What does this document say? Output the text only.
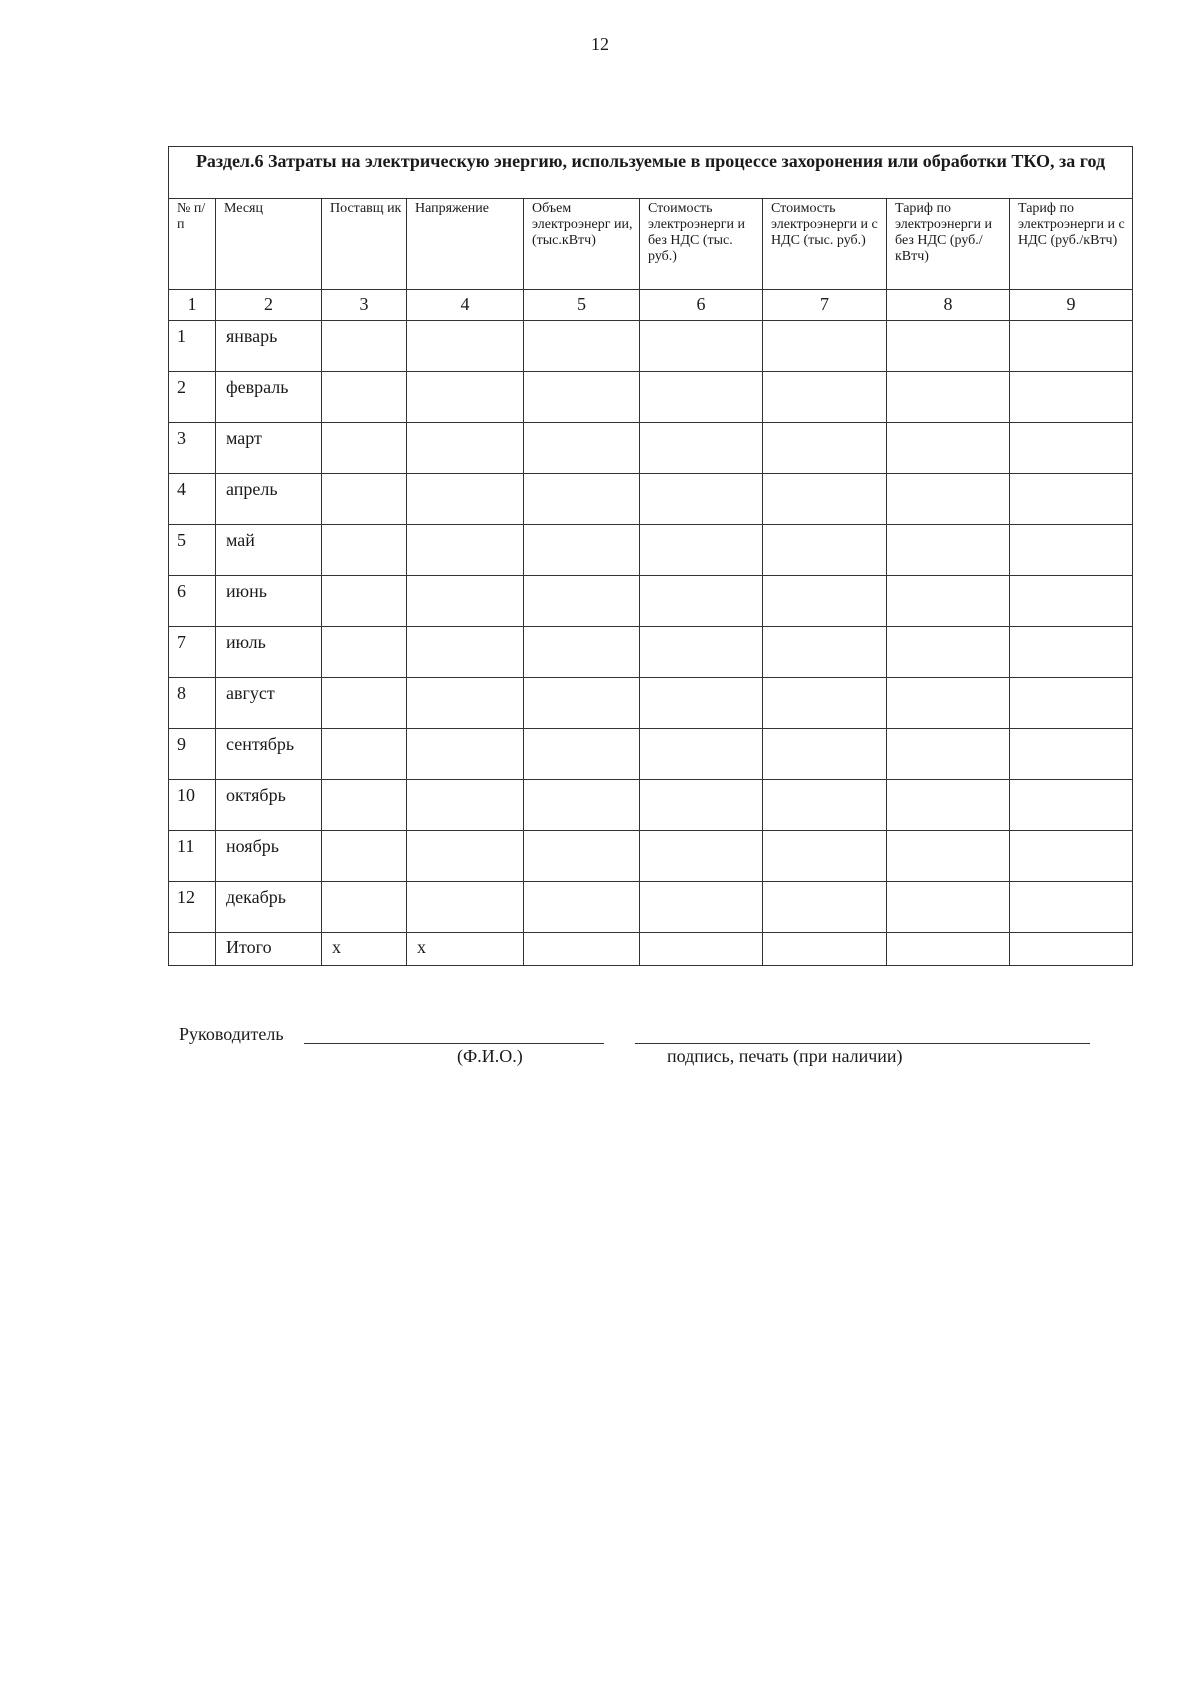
12
Раздел.6 Затраты на электрическую энергию, используемые в процессе захоронения или обработки ТКО, за год								
№ п/п	Месяц	Поставщ ик	Напряжение	Объем электроэнерг ии, (тыс.кВтч)	Стоимость электроэнерги и без НДС (тыс. руб.)	Стоимость электроэнерги и с НДС (тыс. руб.)	Тариф по электроэнерги и без НДС (руб./кВтч)	Тариф по электроэнерги и с НДС (руб./кВтч)
1	2	3	4	5	6	7	8	9
1	январь							
2	февраль							
3	март							
4	апрель							
5	май							
6	июнь							
7	июль							
8	август							
9	сентябрь							
10	октябрь							
11	ноябрь							
12	декабрь							
	Итого	х	х					
Руководитель
(Ф.И.О.)	подпись, печать (при наличии)
